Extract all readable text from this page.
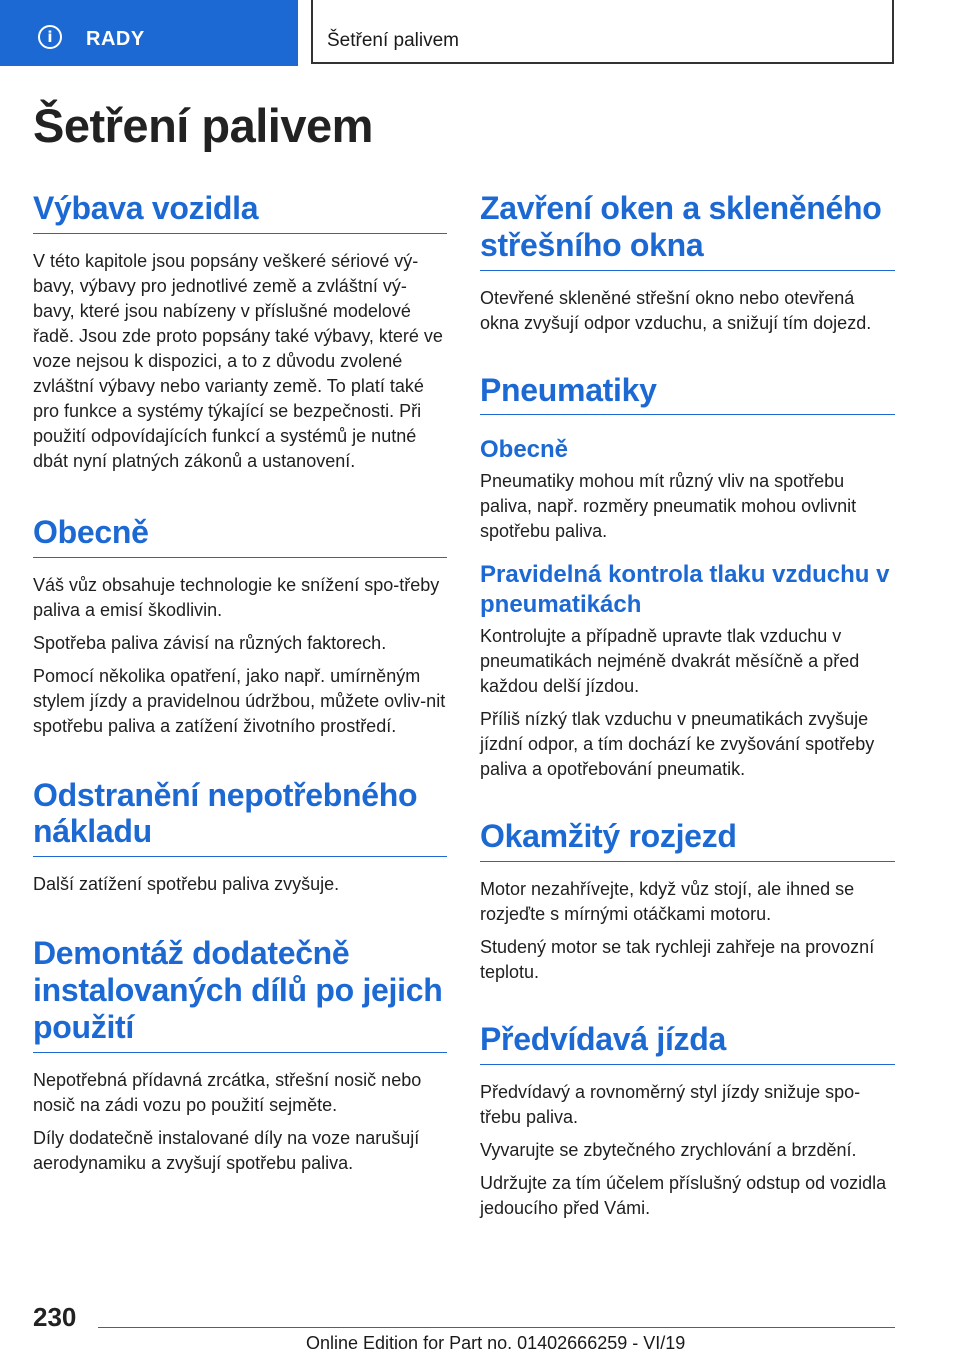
i	RADY	Šetření palivem
Šetření palivem
Výbava vozidla

V této kapitole jsou popsány veškeré sériové vý-bavy, výbavy pro jednotlivé země a zvláštní vý-bavy, které jsou nabízeny v příslušné modelové řadě. Jsou zde proto popsány také výbavy, které ve voze nejsou k dispozici, a to z důvodu zvolené zvláštní výbavy nebo varianty země. To platí také pro funkce a systémy týkající se bezpečnosti. Při použití odpovídajících funkcí a systémů je nutné dbát nyní platných zákonů a ustanovení.

Obecně

Váš vůz obsahuje technologie ke snížení spo-třeby paliva a emisí škodlivin.

Spotřeba paliva závisí na různých faktorech.

Pomocí několika opatření, jako např. umírněným stylem jízdy a pravidelnou údržbou, můžete ovliv-nit spotřebu paliva a zatížení životního prostředí.

Odstranění nepotřebného nákladu

Další zatížení spotřebu paliva zvyšuje.

Demontáž dodatečně instalovaných dílů po jejich použití

Nepotřebná přídavná zrcátka, střešní nosič nebo nosič na zádi vozu po použití sejměte.

Díly dodatečně instalované díly na voze narušují aerodynamiku a zvyšují spotřebu paliva.

Zavření oken a skleněného střešního okna

Otevřené skleněné střešní okno nebo otevřená okna zvyšují odpor vzduchu, a snižují tím dojezd.

Pneumatiky
Obecně

Pneumatiky mohou mít různý vliv na spotřebu paliva, např. rozměry pneumatik mohou ovlivnit spotřebu paliva.

Pravidelná kontrola tlaku vzduchu v pneumatikách

Kontrolujte a případně upravte tlak vzduchu v pneumatikách nejméně dvakrát měsíčně a před každou delší jízdou.

Příliš nízký tlak vzduchu v pneumatikách zvyšuje jízdní odpor, a tím dochází ke zvyšování spotřeby paliva a opotřebování pneumatik.

Okamžitý rozjezd

Motor nezahřívejte, když vůz stojí, ale ihned se rozjeďte s mírnými otáčkami motoru.

Studený motor se tak rychleji zahřeje na provozní teplotu.

Předvídavá jízda

Předvídavý a rovnoměrný styl jízdy snižuje spo-třebu paliva.

Vyvarujte se zbytečného zrychlování a brzdění.

Udržujte za tím účelem příslušný odstup od vozidla jedoucího před Vámi.

230
Online Edition for Part no. 01402666259 - VI/19
